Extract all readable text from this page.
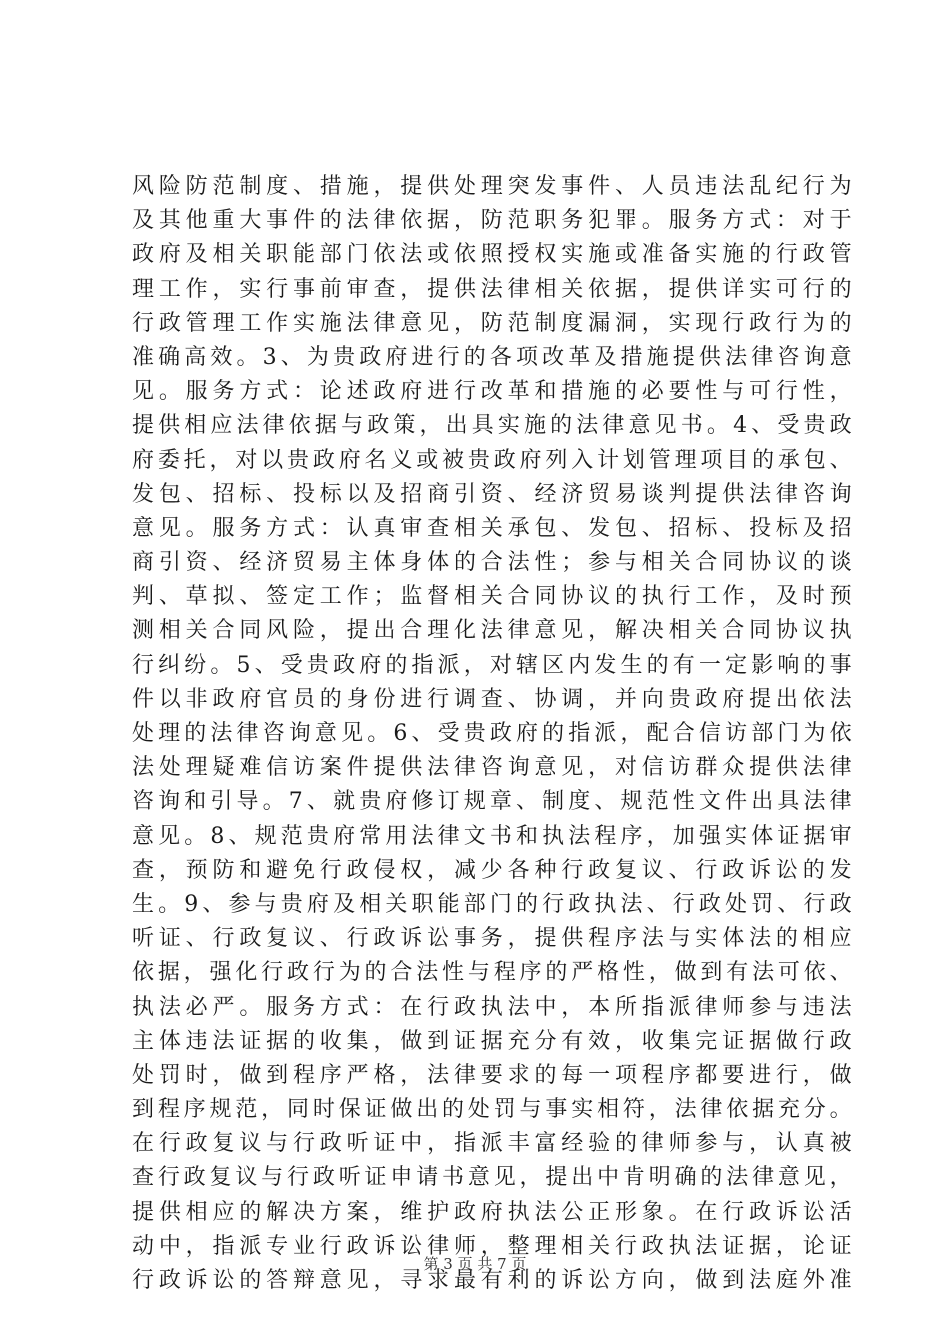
风险防范制度、措施，提供处理突发事件、人员违法乱纪行为
及其他重大事件的法律依据，防范职务犯罪。服务方式：对于
政府及相关职能部门依法或依照授权实施或准备实施的行政管
理工作，实行事前审查，提供法律相关依据，提供详实可行的
行政管理工作实施法律意见，防范制度漏洞，实现行政行为的
准确高效。3、为贵政府进行的各项改革及措施提供法律咨询意
见。服务方式：论述政府进行改革和措施的必要性与可行性，
提供相应法律依据与政策，出具实施的法律意见书。4、受贵政
府委托，对以贵政府名义或被贵政府列入计划管理项目的承包、
发包、招标、投标以及招商引资、经济贸易谈判提供法律咨询
意见。服务方式：认真审查相关承包、发包、招标、投标及招
商引资、经济贸易主体身体的合法性；参与相关合同协议的谈
判、草拟、签定工作；监督相关合同协议的执行工作，及时预
测相关合同风险，提出合理化法律意见，解决相关合同协议执
行纠纷。5、受贵政府的指派，对辖区内发生的有一定影响的事
件以非政府官员的身份进行调查、协调，并向贵政府提出依法
处理的法律咨询意见。6、受贵政府的指派，配合信访部门为依
法处理疑难信访案件提供法律咨询意见，对信访群众提供法律
咨询和引导。7、就贵府修订规章、制度、规范性文件出具法律
意见。8、规范贵府常用法律文书和执法程序，加强实体证据审
查，预防和避免行政侵权，减少各种行政复议、行政诉讼的发
生。9、参与贵府及相关职能部门的行政执法、行政处罚、行政
听证、行政复议、行政诉讼事务，提供程序法与实体法的相应
依据，强化行政行为的合法性与程序的严格性，做到有法可依、
执法必严。服务方式：在行政执法中，本所指派律师参与违法
主体违法证据的收集，做到证据充分有效，收集完证据做行政
处罚时，做到程序严格，法律要求的每一项程序都要进行，做
到程序规范，同时保证做出的处罚与事实相符，法律依据充分。
在行政复议与行政听证中，指派丰富经验的律师参与，认真被
查行政复议与行政听证申请书意见，提出中肯明确的法律意见，
提供相应的解决方案，维护政府执法公正形象。在行政诉讼活
动中，指派专业行政诉讼律师，整理相关行政执法证据，论证
行政诉讼的答辩意见，寻求最有利的诉讼方向，做到法庭外准
第 3 页 共 7 页
